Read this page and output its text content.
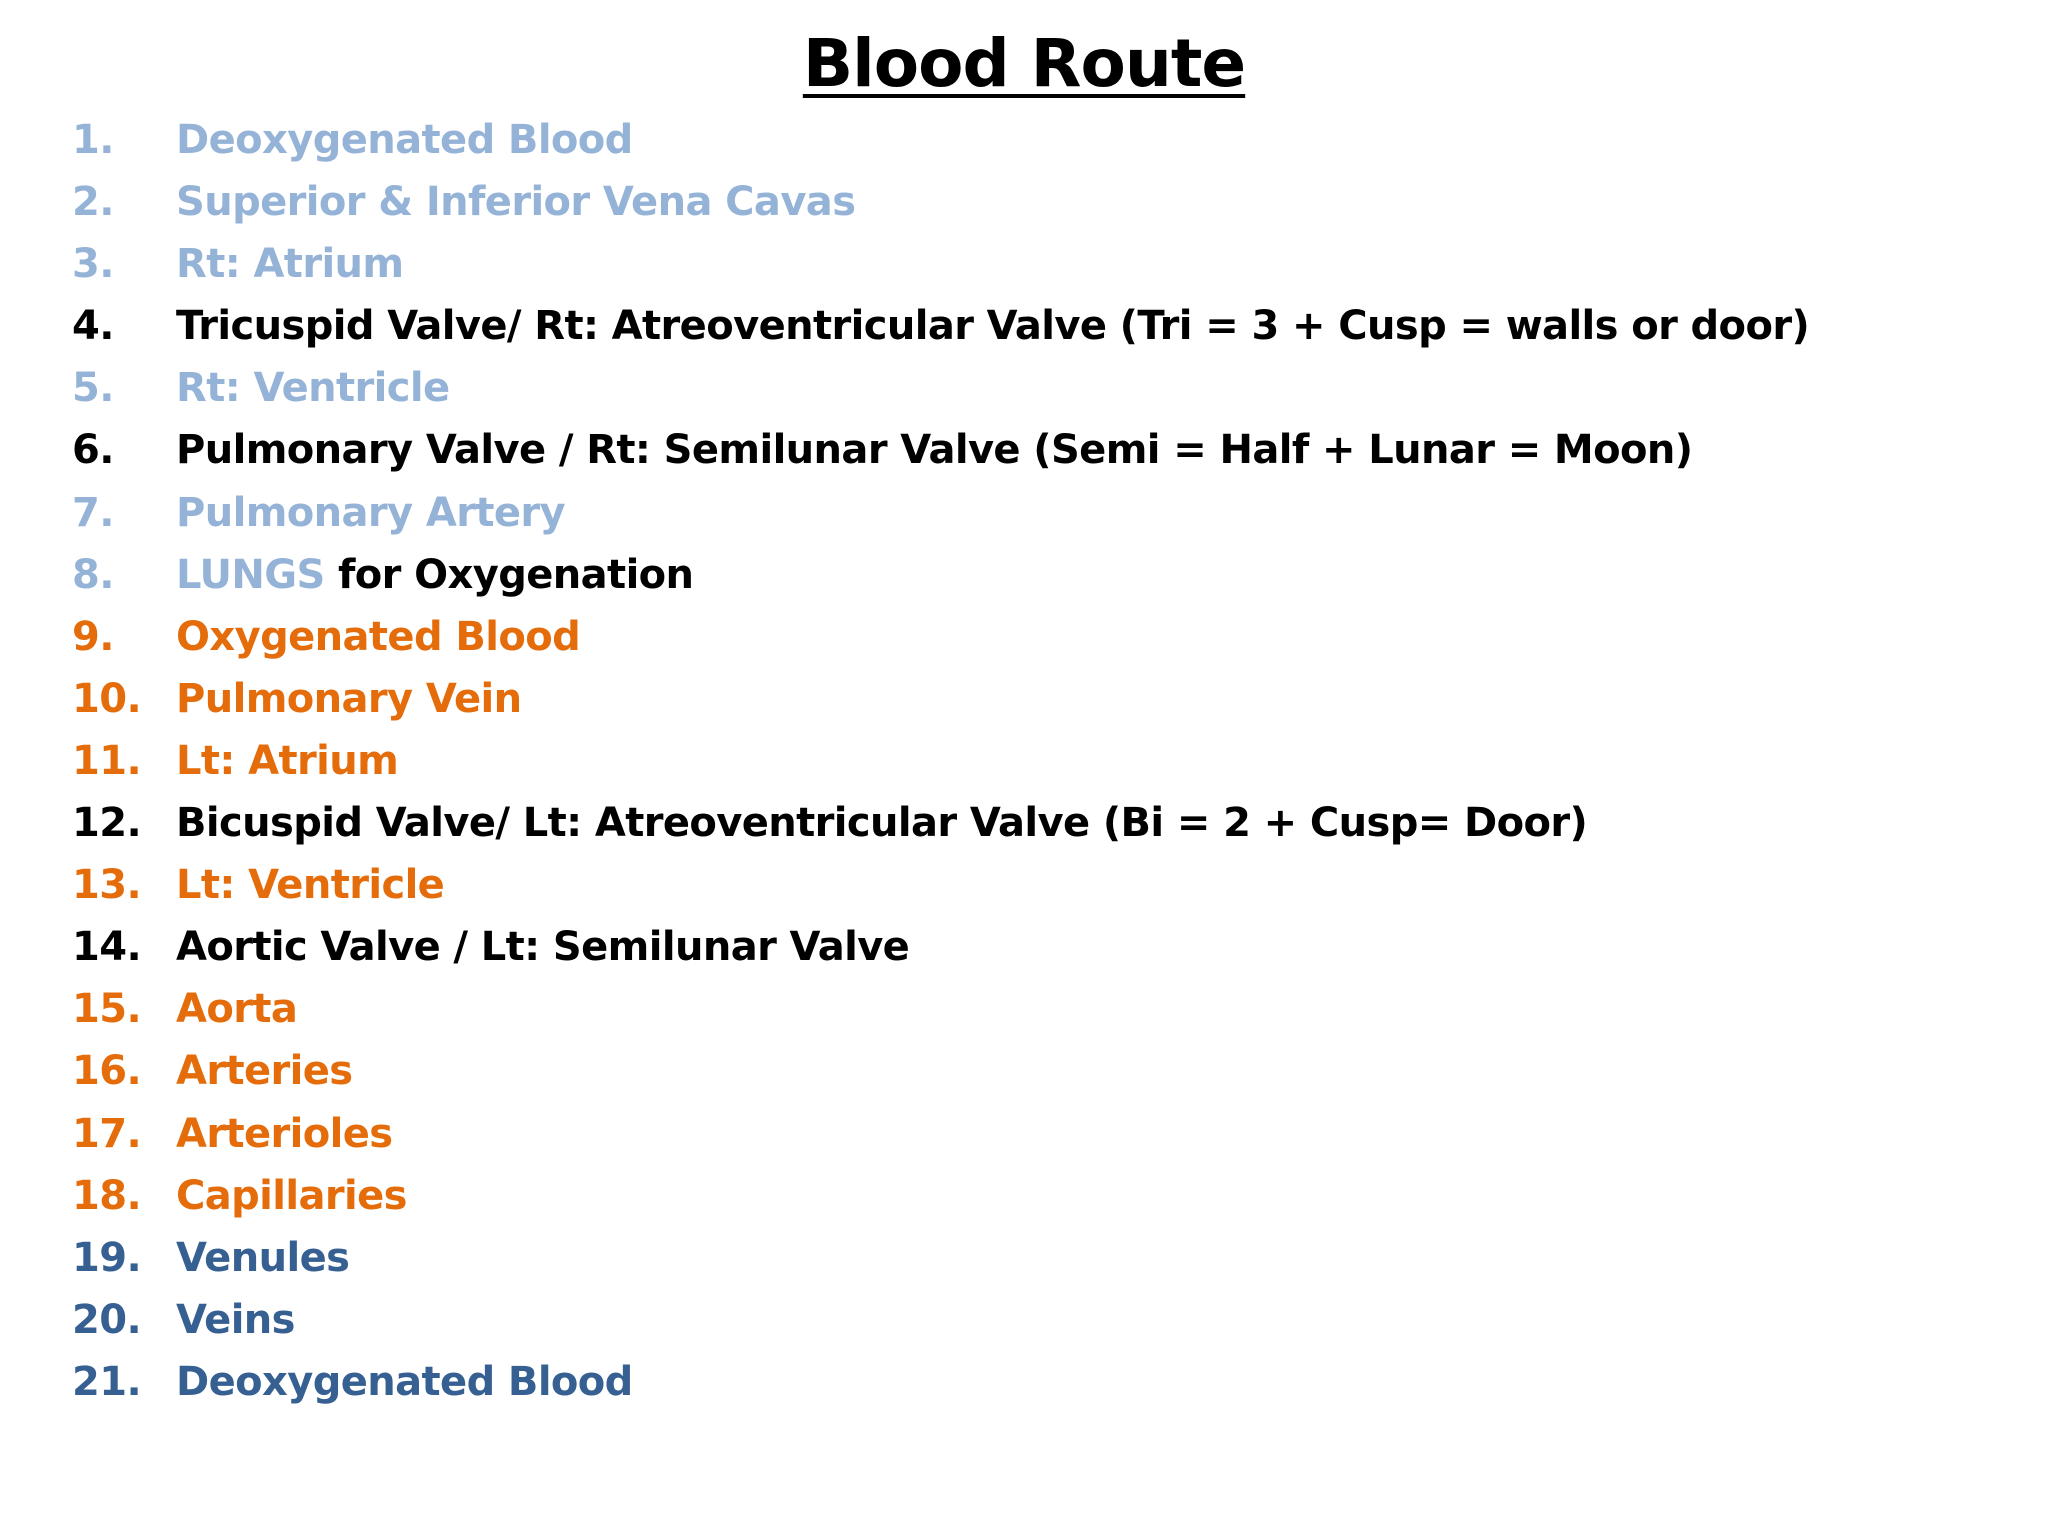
Blood Route
1.	Deoxygenated Blood
2.	Superior & Inferior Vena Cavas
3.	Rt: Atrium
4.	Tricuspid Valve/ Rt: Atreoventricular Valve (Tri = 3 + Cusp = walls or door)
5.	Rt: Ventricle
6.	Pulmonary Valve / Rt: Semilunar Valve (Semi = Half + Lunar = Moon)
7.	Pulmonary Artery
8.	LUNGS for Oxygenation
9.	Oxygenated Blood
10. Pulmonary Vein
11. Lt: Atrium
12. Bicuspid Valve/ Lt: Atreoventricular Valve (Bi = 2 + Cusp= Door)
13. Lt: Ventricle
14. Aortic Valve / Lt: Semilunar Valve
15. Aorta
16. Arteries
17. Arterioles
18. Capillaries
19. Venules
20. Veins
21. Deoxygenated Blood
